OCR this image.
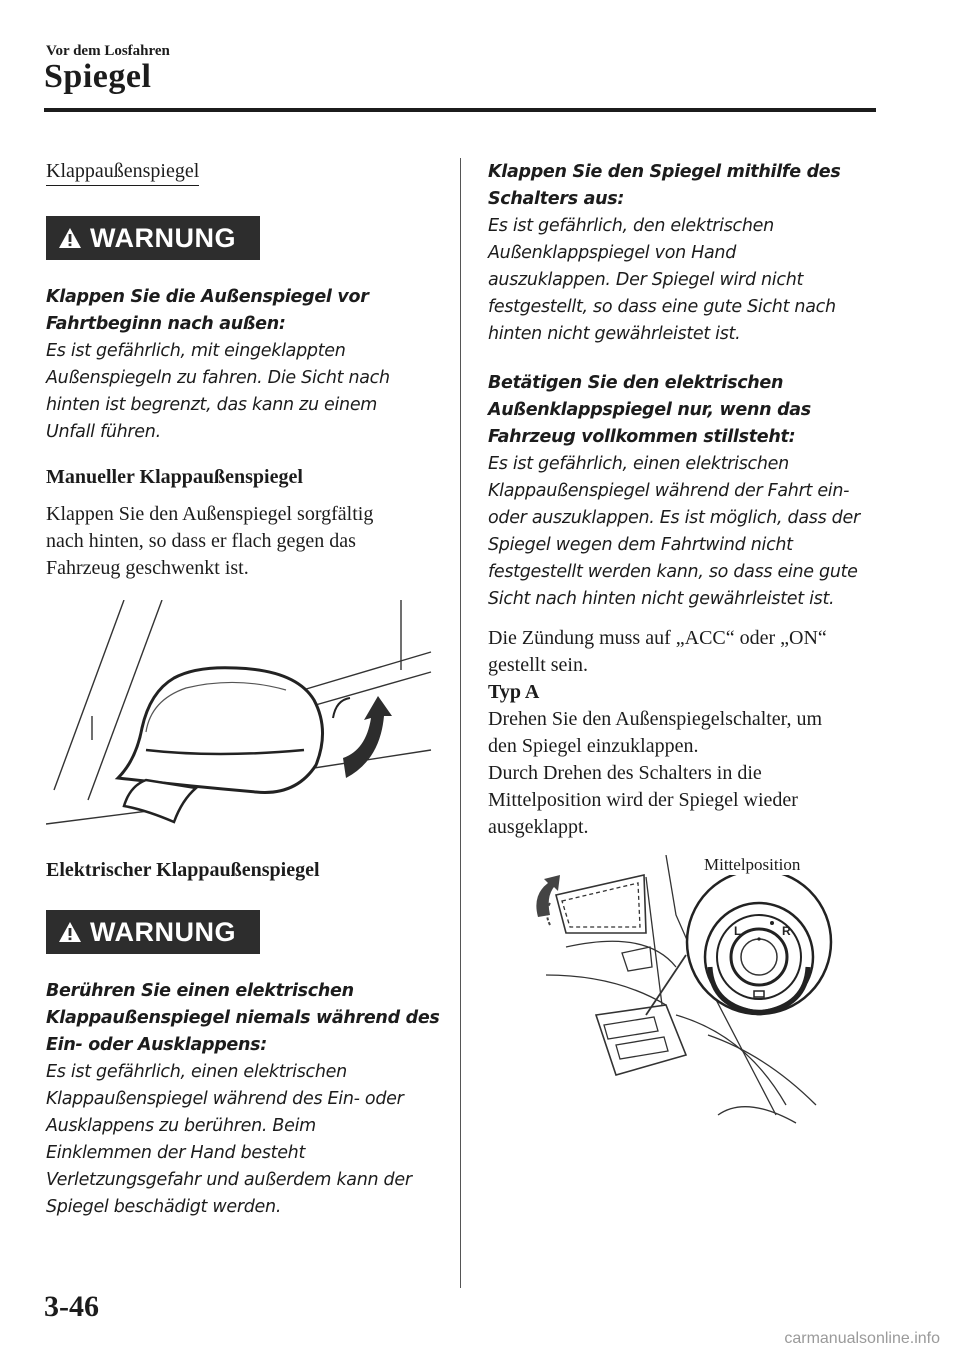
Vor dem Losfahren
Spiegel
Klappaußenspiegel
WARNUNG
Klappen Sie die Außenspiegel vor
Fahrtbeginn nach außen:
Es ist gefährlich, mit eingeklappten
Außenspiegeln zu fahren. Die Sicht nach
hinten ist begrenzt, das kann zu einem
Unfall führen.
Manueller Klappaußenspiegel
Klappen Sie den Außenspiegel sorgfältig
nach hinten, so dass er flach gegen das
Fahrzeug geschwenkt ist.
Elektrischer Klappaußenspiegel
WARNUNG
Berühren Sie einen elektrischen
Klappaußenspiegel niemals während des
Ein- oder Ausklappens:
Es ist gefährlich, einen elektrischen
Klappaußenspiegel während des Ein- oder
Ausklappens zu berühren. Beim
Einklemmen der Hand besteht
Verletzungsgefahr und außerdem kann der
Spiegel beschädigt werden.
Klappen Sie den Spiegel mithilfe des
Schalters aus:
Es ist gefährlich, den elektrischen
Außenklappspiegel von Hand
auszuklappen. Der Spiegel wird nicht
festgestellt, so dass eine gute Sicht nach
hinten nicht gewährleistet ist.
Betätigen Sie den elektrischen
Außenklappspiegel nur, wenn das
Fahrzeug vollkommen stillsteht:
Es ist gefährlich, einen elektrischen
Klappaußenspiegel während der Fahrt ein-
oder auszuklappen. Es ist möglich, dass der
Spiegel wegen dem Fahrtwind nicht
festgestellt werden kann, so dass eine gute
Sicht nach hinten nicht gewährleistet ist.
Die Zündung muss auf „ACC“ oder „ON“
gestellt sein.
Typ A
Drehen Sie den Außenspiegelschalter, um
den Spiegel einzuklappen.
Durch Drehen des Schalters in die
Mittelposition wird der Spiegel wieder
ausgeklappt.
L	R
Mittelposition
3-46
carmanualsonline.info
